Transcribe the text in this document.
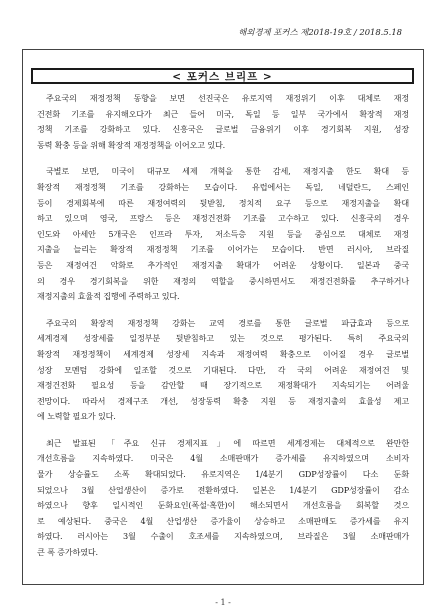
해외경제 포커스 제2018-19호 / 2018.5.18
< 포커스 브리프 >
주요국의 재정정책 동향을 보면 선진국은 유로지역 재정위기 이후 대체로 재정
건전화 기조를 유지해오다가 최근 들어 미국, 독일 등 일부 국가에서 확장적 재정
정책 기조를 강화하고 있다. 신흥국은 글로벌 금융위기 이후 경기회복 지원, 성장
동력 확충 등을 위해 확장적 재정정책을 이어오고 있다.
국별로 보면, 미국이 대규모 세제 개혁을 통한 감세, 재정지출 한도 확대 등
확장적 재정정책 기조를 강화하는 모습이다. 유럽에서는 독일, 네덜란드, 스페인
등이 경제회복에 따른 재정여력의 뒷받침, 정치적 요구 등으로 재정지출을 확대
하고 있으며 영국, 프랑스 등은 재정건전화 기조를 고수하고 있다. 신흥국의 경우
인도와 아세안 5개국은 인프라 투자, 저소득층 지원 등을 중심으로 대체로 재정
지출을 늘리는 확장적 재정정책 기조를 이어가는 모습이다. 반면 러시아, 브라질
등은 재정여건 악화로 추가적인 재정지출 확대가 어려운 상황이다. 일본과 중국
의 경우 경기회복을 위한 재정의 역할을 중시하면서도 재정건전화를 추구하거나
재정지출의 효율적 집행에 주력하고 있다.
주요국의 확장적 재정정책 강화는 교역 경로를 통한 글로벌 파급효과 등으로
세계경제 성장세를 일정부분 뒷받침하고 있는 것으로 평가된다. 특히 주요국의
확장적 재정정책이 세계경제 성장세 지속과 재정여력 확충으로 이어질 경우 글로벌
성장 모멘텀 강화에 일조할 것으로 기대된다. 다만, 각 국의 어려운 재정여건 및
재정건전화 필요성 등을 감안할 때 장기적으로 재정확대가 지속되기는 어려울
전망이다. 따라서 경제구조 개선, 성장동력 확충 지원 등 재정지출의 효율성 제고
에 노력할 필요가 있다.
최근 발표된 「주요 신규 경제지표」에 따르면 세계경제는 대체적으로 완만한
개선흐름을 지속하였다. 미국은 4월 소매판매가 증가세를 유지하였으며 소비자
물가 상승률도 소폭 확대되었다. 유로지역은 1/4분기 GDP성장률이 다소 둔화
되었으나 3월 산업생산이 증가로 전환하였다. 일본은 1/4분기 GDP성장률이 감소
하였으나 향후 일시적인 둔화요인(폭설·혹한)이 해소되면서 개선흐름을 회복할 것으
로 예상된다. 중국은 4월 산업생산 증가율이 상승하고 소매판매도 증가세를 유지
하였다. 러시아는 3월 수출이 호조세를 지속하였으며, 브라질은 3월 소매판매가
큰 폭 증가하였다.
- 1 -
